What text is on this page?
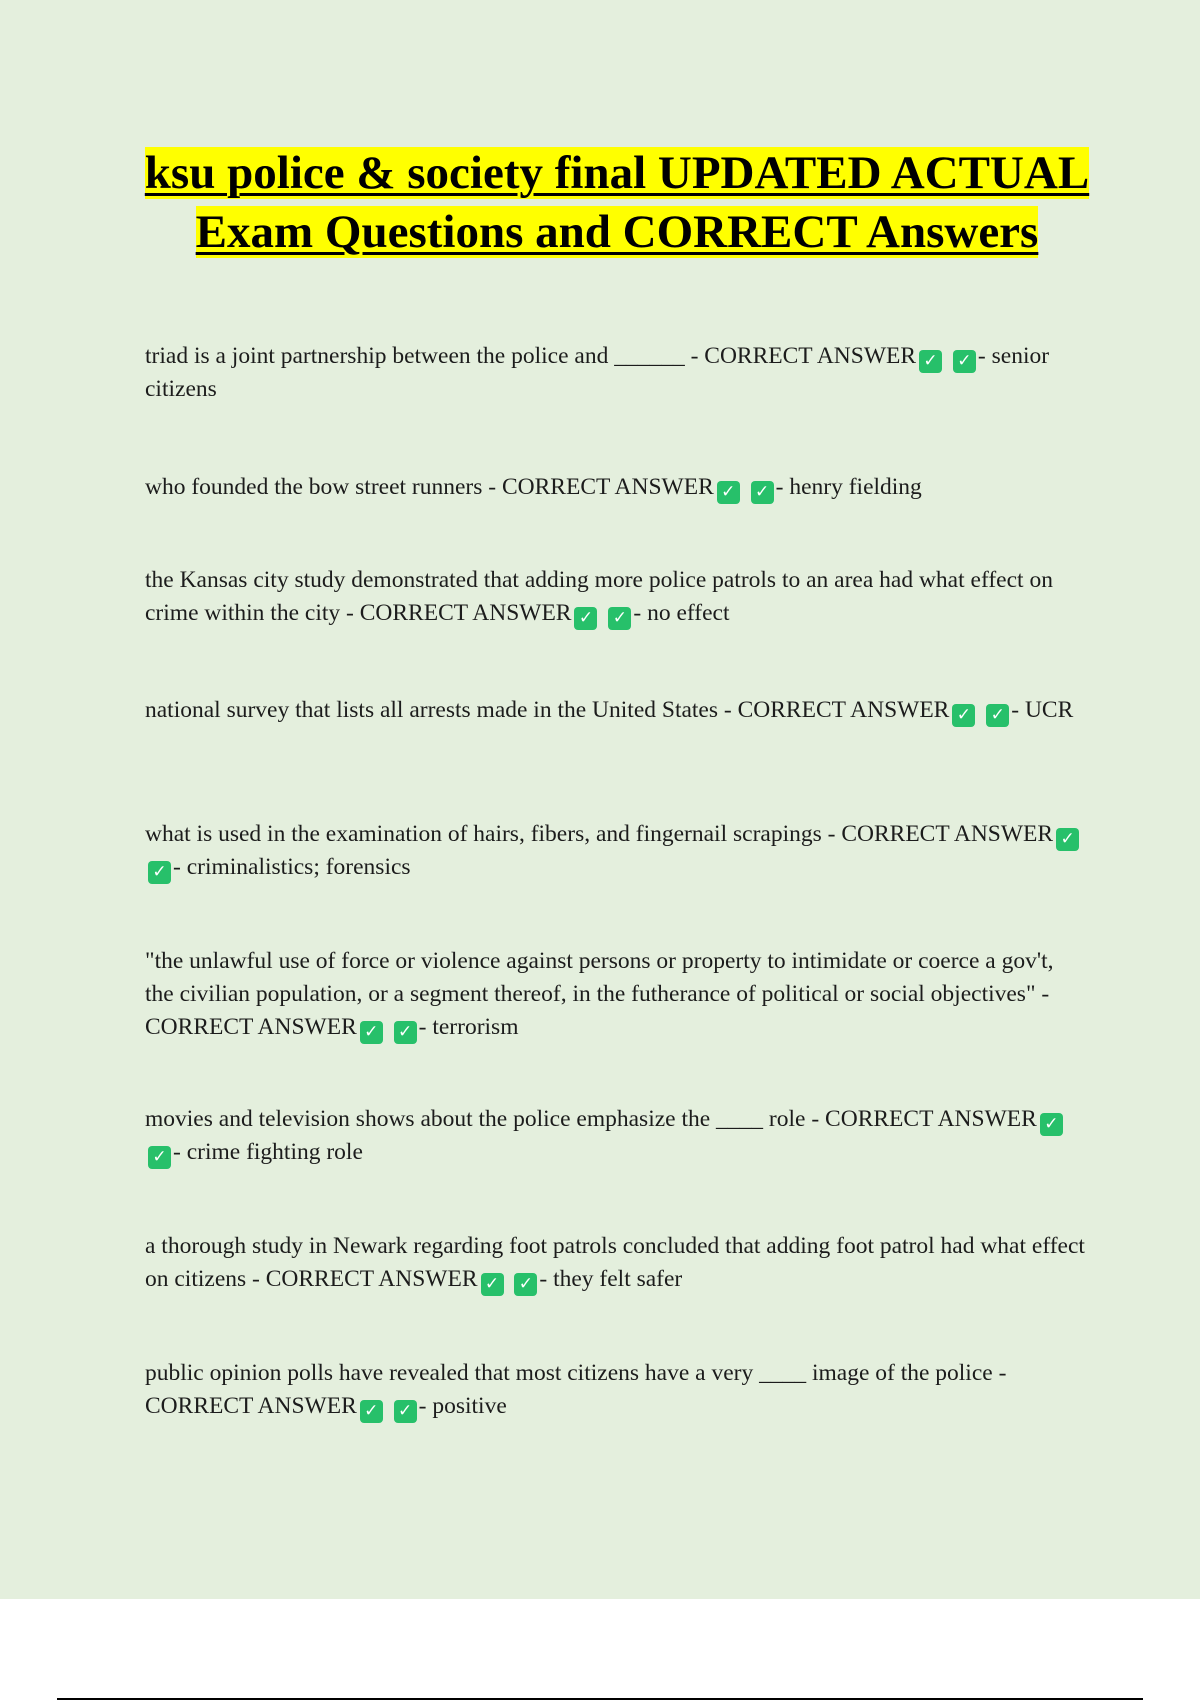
ksu police & society final UPDATED ACTUAL Exam Questions and CORRECT Answers

triad is a joint partnership between the police and ______ - CORRECT ANSWER ✓ ✓ - senior citizens

who founded the bow street runners - CORRECT ANSWER ✓ ✓ - henry fielding

the Kansas city study demonstrated that adding more police patrols to an area had what effect on crime within the city - CORRECT ANSWER ✓ ✓ - no effect

national survey that lists all arrests made in the United States - CORRECT ANSWER ✓ ✓ - UCR

what is used in the examination of hairs, fibers, and fingernail scrapings - CORRECT ANSWER ✓ ✓ - criminalistics; forensics

"the unlawful use of force or violence against persons or property to intimidate or coerce a gov't, the civilian population, or a segment thereof, in the futherance of political or social objectives" - CORRECT ANSWER ✓ ✓ - terrorism

movies and television shows about the police emphasize the ____ role - CORRECT ANSWER ✓ ✓ - crime fighting role

a thorough study in Newark regarding foot patrols concluded that adding foot patrol had what effect on citizens - CORRECT ANSWER ✓ ✓ - they felt safer

public opinion polls have revealed that most citizens have a very ____ image of the police - CORRECT ANSWER ✓ ✓ - positive
